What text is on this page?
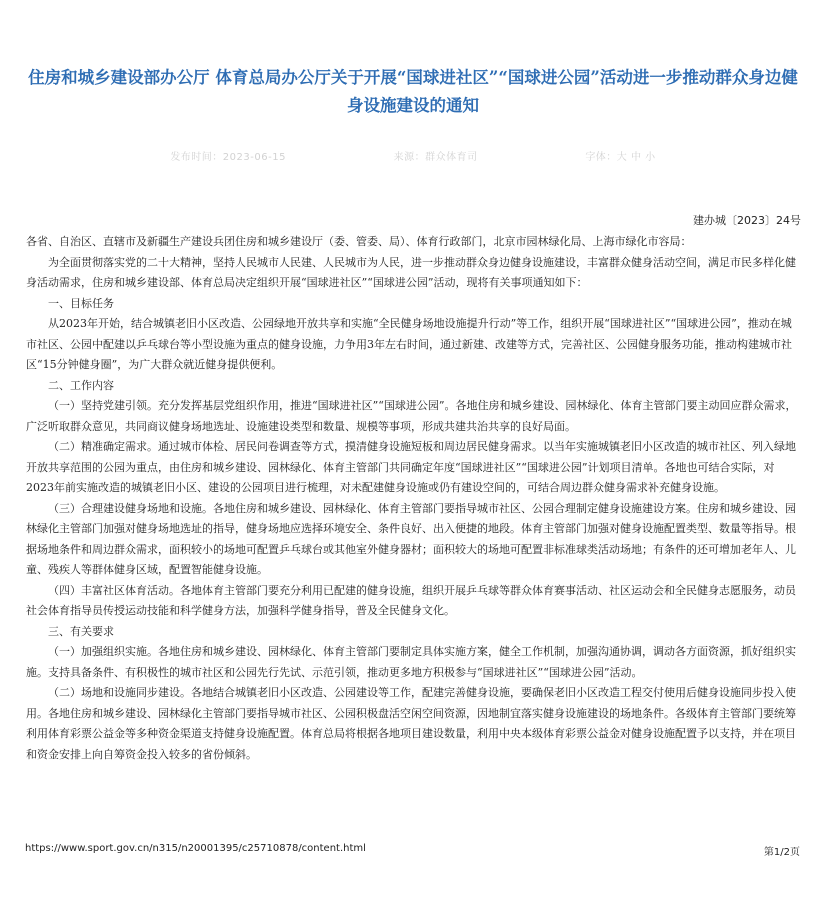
住房和城乡建设部办公厅 体育总局办公厅关于开展“国球进社区”“国球进公园”活动进一步推动群众身边健身设施建设的通知
发布时间：2023-06-15	来源：群众体育司	字体：大 中 小
建办城〔2023〕24号

各省、自治区、直辖市及新疆生产建设兵团住房和城乡建设厅（委、管委、局）、体育行政部门，北京市园林绿化局、上海市绿化市容局：

为全面贯彻落实党的二十大精神，坚持人民城市人民建、人民城市为人民，进一步推动群众身边健身设施建设，丰富群众健身活动空间，满足市民多样化健身活动需求，住房和城乡建设部、体育总局决定组织开展“国球进社区”“国球进公园”活动，现将有关事项通知如下：

一、目标任务

从2023年开始，结合城镇老旧小区改造、公园绿地开放共享和实施“全民健身场地设施提升行动”等工作，组织开展“国球进社区”“国球进公园”，推动在城市社区、公园中配建以乒乓球台等小型设施为重点的健身设施，力争用3年左右时间，通过新建、改建等方式，完善社区、公园健身服务功能，推动构建城市社区“15分钟健身圈”，为广大群众就近健身提供便利。

二、工作内容

（一）坚持党建引领。充分发挥基层党组织作用，推进“国球进社区”“国球进公园”。各地住房和城乡建设、园林绿化、体育主管部门要主动回应群众需求，广泛听取群众意见，共同商议健身场地选址、设施建设类型和数量、规模等事项，形成共建共治共享的良好局面。

（二）精准确定需求。通过城市体检、居民问卷调查等方式，摸清健身设施短板和周边居民健身需求。以当年实施城镇老旧小区改造的城市社区、列入绿地开放共享范围的公园为重点，由住房和城乡建设、园林绿化、体育主管部门共同确定年度“国球进社区”“国球进公园”计划项目清单。各地也可结合实际，对2023年前实施改造的城镇老旧小区、建设的公园项目进行梳理，对未配建健身设施或仍有建设空间的，可结合周边群众健身需求补充健身设施。

（三）合理建设健身场地和设施。各地住房和城乡建设、园林绿化、体育主管部门要指导城市社区、公园合理制定健身设施建设方案。住房和城乡建设、园林绿化主管部门加强对健身场地选址的指导，健身场地应选择环境安全、条件良好、出入便捷的地段。体育主管部门加强对健身设施配置类型、数量等指导。根据场地条件和周边群众需求，面积较小的场地可配置乒乓球台或其他室外健身器材；面积较大的场地可配置非标准球类活动场地；有条件的还可增加老年人、儿童、残疾人等群体健身区域，配置智能健身设施。

（四）丰富社区体育活动。各地体育主管部门要充分利用已配建的健身设施，组织开展乒乓球等群众体育赛事活动、社区运动会和全民健身志愿服务，动员社会体育指导员传授运动技能和科学健身方法，加强科学健身指导，普及全民健身文化。

三、有关要求

（一）加强组织实施。各地住房和城乡建设、园林绿化、体育主管部门要制定具体实施方案，健全工作机制，加强沟通协调，调动各方面资源，抓好组织实施。支持具备条件、有积极性的城市社区和公园先行先试、示范引领，推动更多地方积极参与“国球进社区”“国球进公园”活动。

（二）场地和设施同步建设。各地结合城镇老旧小区改造、公园建设等工作，配建完善健身设施，要确保老旧小区改造工程交付使用后健身设施同步投入使用。各地住房和城乡建设、园林绿化主管部门要指导城市社区、公园积极盘活空闲空间资源，因地制宜落实健身设施建设的场地条件。各级体育主管部门要统筹利用体育彩票公益金等多种资金渠道支持健身设施配置。体育总局将根据各地项目建设数量，利用中央本级体育彩票公益金对健身设施配置予以支持，并在项目和资金安排上向自筹资金投入较多的省份倾斜。

https://www.sport.gov.cn/n315/n20001395/c25710878/content.html	第1/2页
